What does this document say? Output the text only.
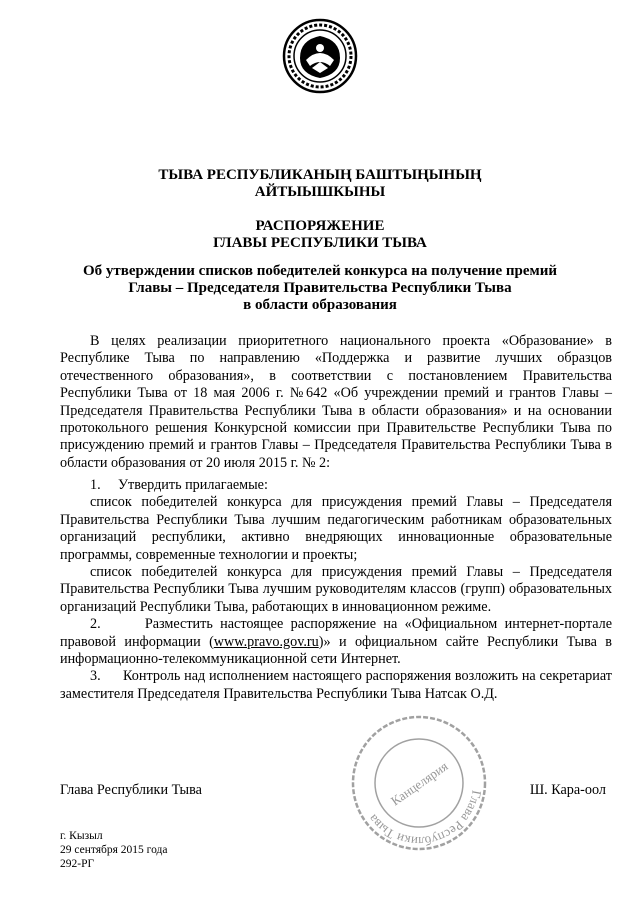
ТЫВА РЕСПУБЛИКАНЫҢ БАШТЫҢЫНЫҢ
АЙТЫЫШКЫНЫ
РАСПОРЯЖЕНИЕ
ГЛАВЫ РЕСПУБЛИКИ ТЫВА
Об утверждении списков победителей конкурса на получение премий
Главы – Председателя Правительства Республики Тыва
в области образования

В целях реализации приоритетного национального проекта «Образование» в Республике Тыва по направлению «Поддержка и развитие лучших образцов отечественного образования», в соответствии с постановлением Правительства Республики Тыва от 18 мая 2006 г. №642 «Об учреждении премий и грантов Главы – Председателя Правительства Республики Тыва в области образования» и на основании протокольного решения Конкурсной комиссии при Правительстве Республики Тыва по присуждению премий и грантов Главы – Председателя Правительства Республики Тыва в области образования от 20 июля 2015 г. № 2:

1.	Утвердить прилагаемые:

список победителей конкурса для присуждения премий Главы – Председателя Правительства Республики Тыва лучшим педагогическим работникам образовательных организаций республики, активно внедряющих инновационные образовательные программы, современные технологии и проекты;

список победителей конкурса для присуждения премий Главы – Председателя Правительства Республики Тыва лучшим руководителям классов (групп) образовательных организаций Республики Тыва, работающих в инновационном режиме.

2.	Разместить настоящее распоряжение на «Официальном интернет-портале правовой информации (www.pravo.gov.ru)» и официальном сайте Республики Тыва в информационно-телекоммуникационной сети Интернет.

3. Контроль над исполнением настоящего распоряжения возложить на секретариат заместителя Председателя Правительства Республики Тыва Натсак О.Д.

Глава Республики Тыва
Канцелярия
Глава Республики Тыва	Ш. Кара-оол
г. Кызыл
29 сентября 2015 года
292-РГ
